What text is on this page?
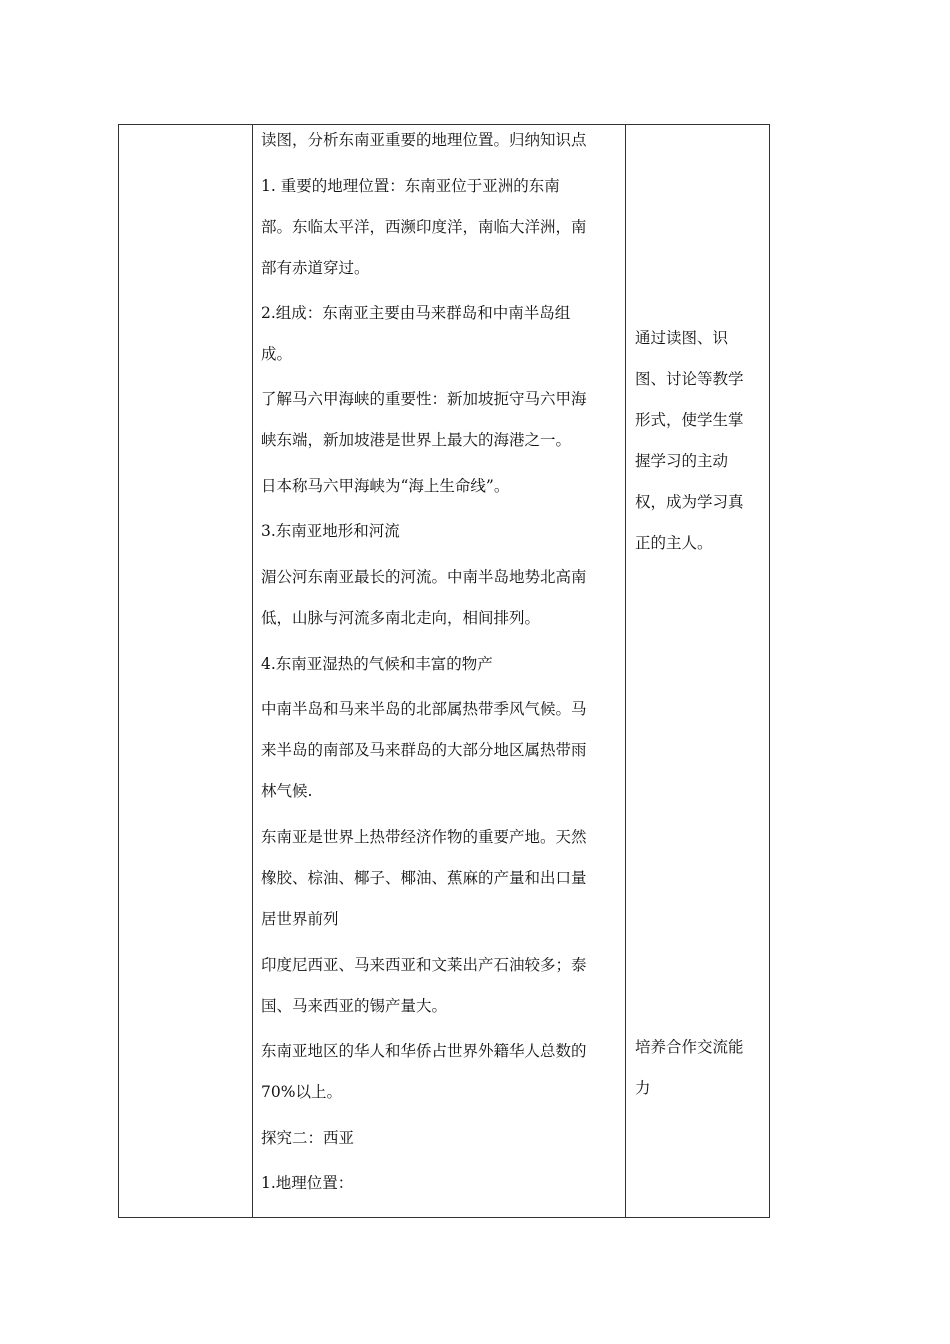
读图，分析东南亚重要的地理位置。归纳知识点
1. 重要的地理位置：东南亚位于亚洲的东南
部。东临太平洋，西濒印度洋，南临大洋洲，南
部有赤道穿过。
2.组成：东南亚主要由马来群岛和中南半岛组
成。
了解马六甲海峡的重要性：新加坡扼守马六甲海
峡东端，新加坡港是世界上最大的海港之一。
日本称马六甲海峡为“海上生命线”。
3.东南亚地形和河流
湄公河东南亚最长的河流。中南半岛地势北高南
低，山脉与河流多南北走向，相间排列。
4.东南亚湿热的气候和丰富的物产
中南半岛和马来半岛的北部属热带季风气候。马
来半岛的南部及马来群岛的大部分地区属热带雨
林气候.
东南亚是世界上热带经济作物的重要产地。天然
橡胶、棕油、椰子、椰油、蕉麻的产量和出口量
居世界前列
印度尼西亚、马来西亚和文莱出产石油较多；泰
国、马来西亚的锡产量大。
东南亚地区的华人和华侨占世界外籍华人总数的
70%以上。
探究二：西亚
1.地理位置：
通过读图、识
图、讨论等教学
形式，使学生掌
握学习的主动
权，成为学习真
正的主人。
培养合作交流能
力
